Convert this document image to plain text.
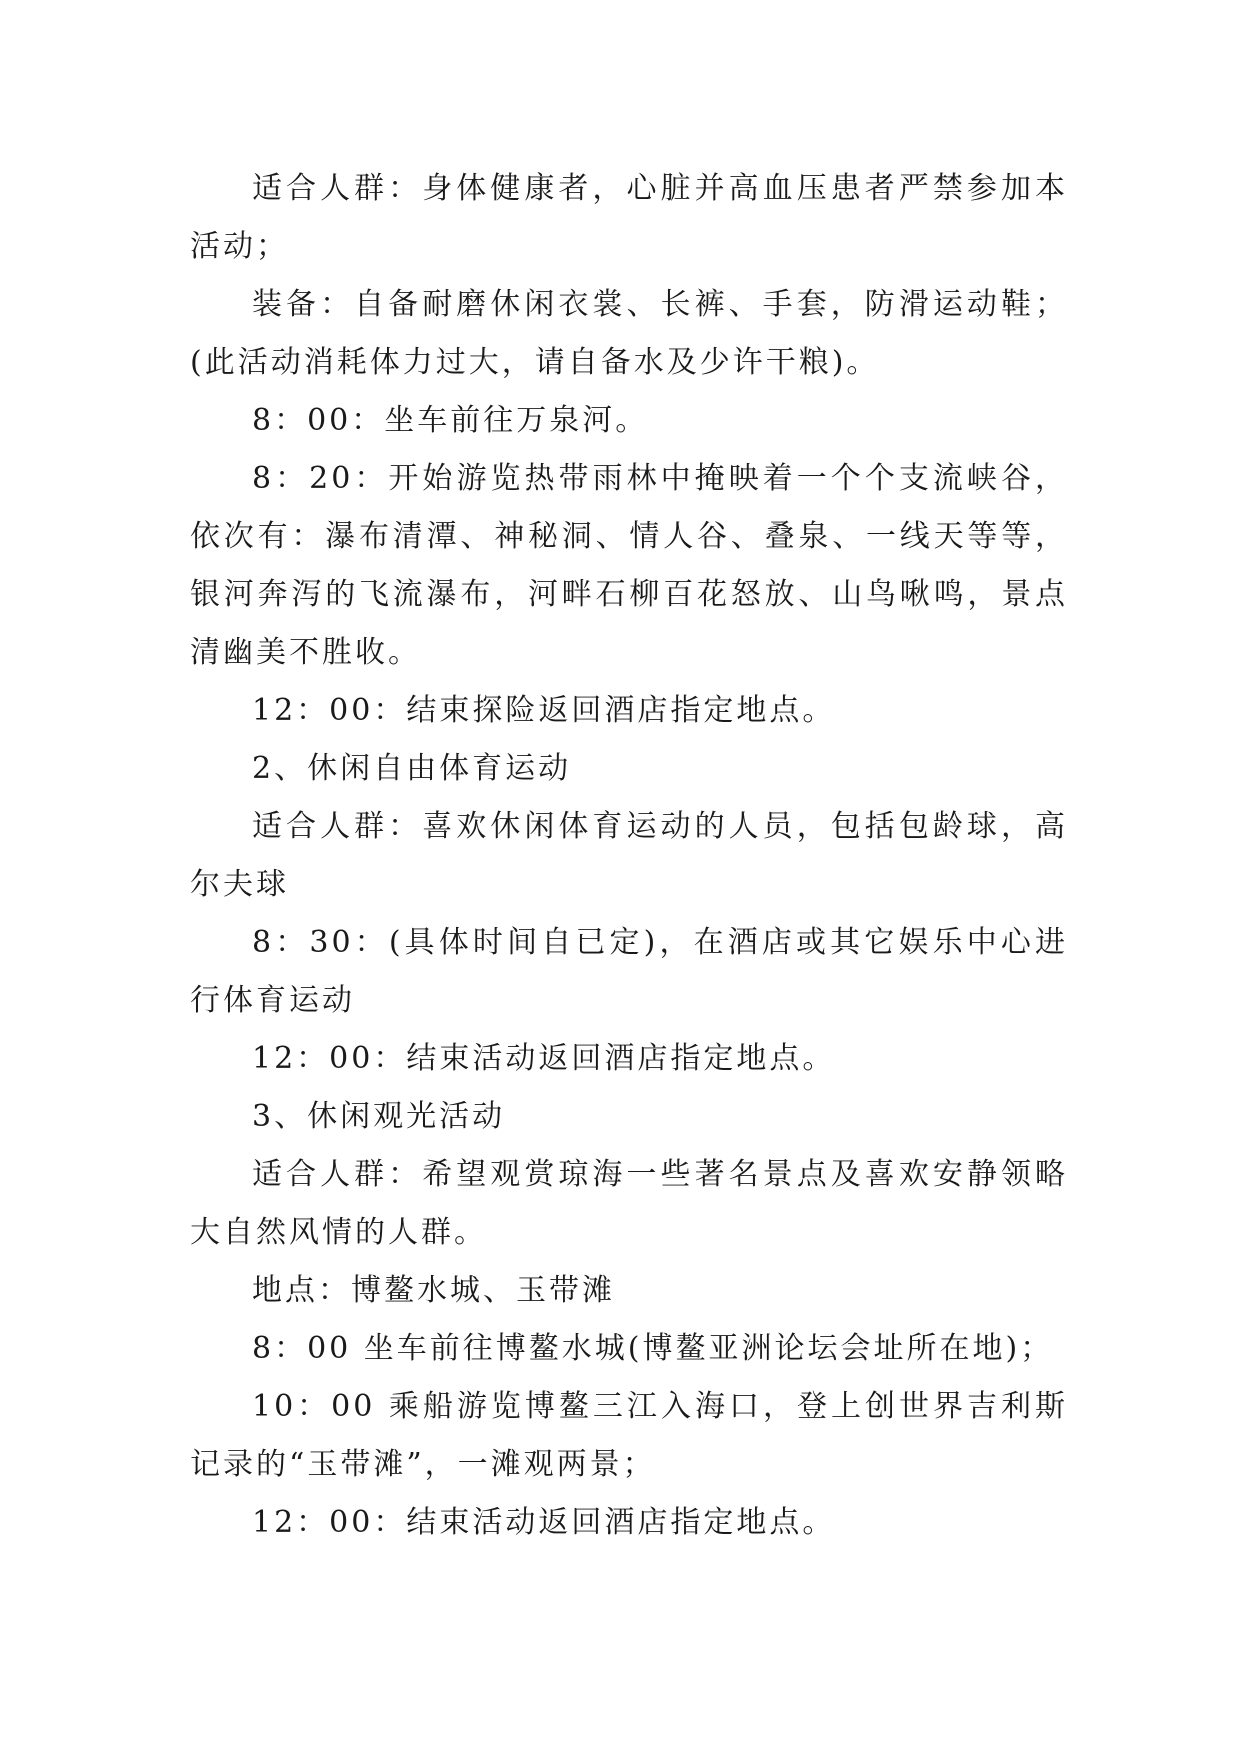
适合人群：身体健康者，心脏并高血压患者严禁参加本活动；

装备：自备耐磨休闲衣裳、长裤、手套，防滑运动鞋；(此活动消耗体力过大，请自备水及少许干粮)。

8：00：坐车前往万泉河。

8：20：开始游览热带雨林中掩映着一个个支流峡谷，依次有：瀑布清潭、神秘洞、情人谷、叠泉、一线天等等，银河奔泻的飞流瀑布，河畔石柳百花怒放、山鸟啾鸣，景点清幽美不胜收。

12：00：结束探险返回酒店指定地点。

2、休闲自由体育运动

适合人群：喜欢休闲体育运动的人员，包括包龄球，高尔夫球

8：30：(具体时间自已定)，在酒店或其它娱乐中心进行体育运动

12：00：结束活动返回酒店指定地点。

3、休闲观光活动

适合人群：希望观赏琼海一些著名景点及喜欢安静领略大自然风情的人群。

地点：博鳌水城、玉带滩

8：00 坐车前往博鳌水城(博鳌亚洲论坛会址所在地)；

10：00 乘船游览博鳌三江入海口，登上创世界吉利斯记录的“玉带滩”，一滩观两景；

12：00：结束活动返回酒店指定地点。
